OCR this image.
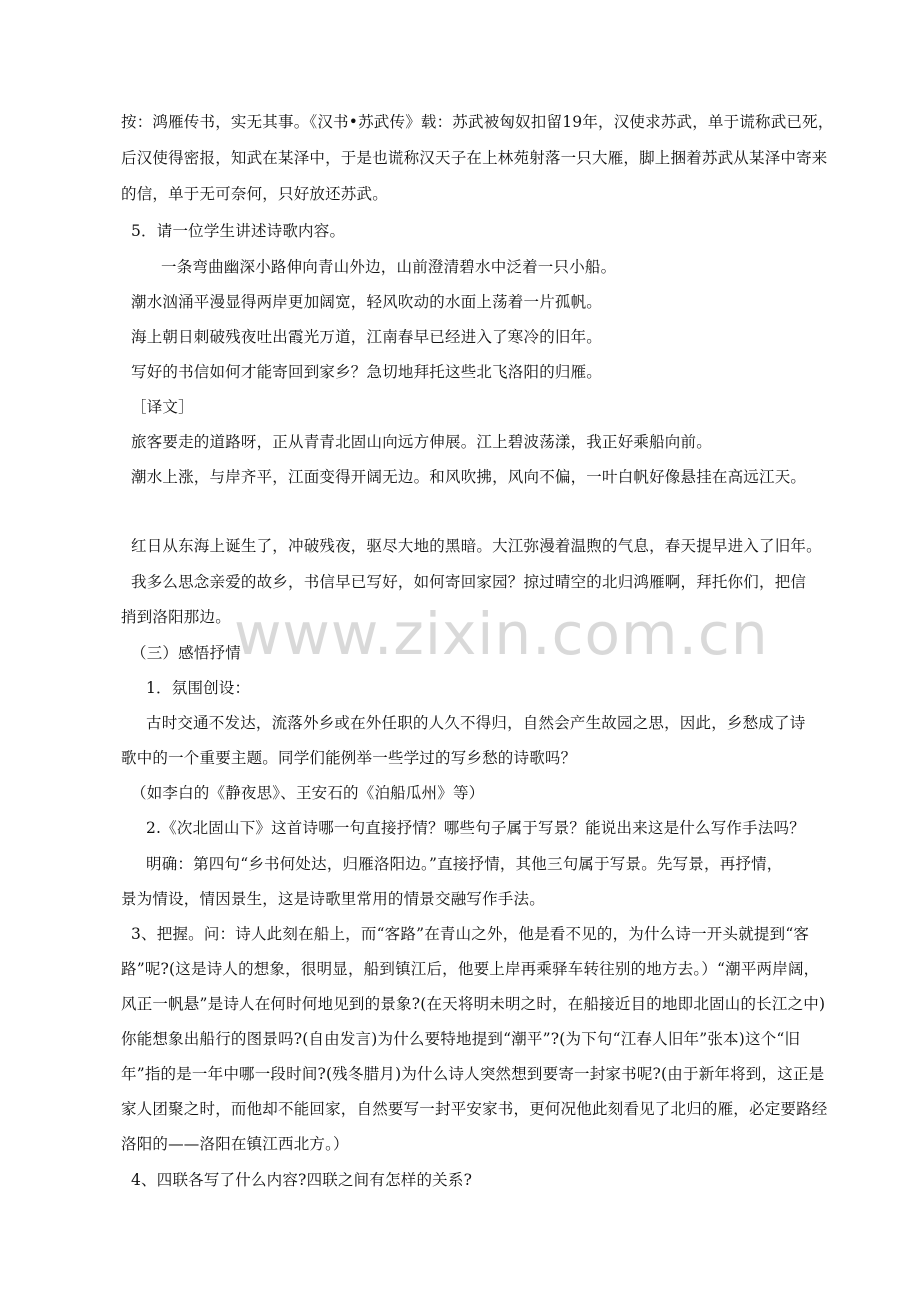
按：鸿雁传书，实无其事。《汉书•苏武传》载：苏武被匈奴扣留19年，汉使求苏武，单于谎称武已死，
后汉使得密报，知武在某泽中，于是也谎称汉天子在上林苑射落一只大雁，脚上捆着苏武从某泽中寄来
的信，单于无可奈何，只好放还苏武。
5．请一位学生讲述诗歌内容。
一条弯曲幽深小路伸向青山外边，山前澄清碧水中泛着一只小船。
潮水汹涌平漫显得两岸更加阔宽，轻风吹动的水面上荡着一片孤帆。
海上朝日刺破残夜吐出霞光万道，江南春早已经进入了寒冷的旧年。
写好的书信如何才能寄回到家乡？急切地拜托这些北飞洛阳的归雁。
［译文］
旅客要走的道路呀，正从青青北固山向远方伸展。江上碧波荡漾，我正好乘船向前。
潮水上涨，与岸齐平，江面变得开阔无边。和风吹拂，风向不偏，一叶白帆好像悬挂在高远江天。
红日从东海上诞生了，冲破残夜，驱尽大地的黑暗。大江弥漫着温煦的气息，春天提早进入了旧年。
我多么思念亲爱的故乡，书信早已写好，如何寄回家园？掠过晴空的北归鸿雁啊，拜托你们，把信
捎到洛阳那边。
（三）感悟抒情
1．氛围创设：
古时交通不发达，流落外乡或在外任职的人久不得归，自然会产生故园之思，因此，乡愁成了诗
歌中的一个重要主题。同学们能例举一些学过的写乡愁的诗歌吗？
（如李白的《静夜思》、王安石的《泊船瓜州》等）
2.《次北固山下》这首诗哪一句直接抒情？哪些句子属于写景？能说出来这是什么写作手法吗？
明确：第四句“乡书何处达，归雁洛阳边。”直接抒情，其他三句属于写景。先写景，再抒情，
景为情设，情因景生，这是诗歌里常用的情景交融写作手法。
3、把握。问：诗人此刻在船上，而“客路”在青山之外，他是看不见的，为什么诗一开头就提到“客
路”呢?(这是诗人的想象，很明显，船到镇江后，他要上岸再乘驿车转往别的地方去。）“潮平两岸阔，
风正一帆悬”是诗人在何时何地见到的景象?(在天将明未明之时，在船接近目的地即北固山的长江之中)
你能想象出船行的图景吗?(自由发言)为什么要特地提到“潮平”?(为下句“江春人旧年”张本)这个“旧
年”指的是一年中哪一段时间?(残冬腊月)为什么诗人突然想到要寄一封家书呢?(由于新年将到，这正是
家人团聚之时，而他却不能回家，自然要写一封平安家书，更何况他此刻看见了北归的雁，必定要路经
洛阳的——洛阳在镇江西北方。）
4、四联各写了什么内容?四联之间有怎样的关系?
www.zixin.com.cn
